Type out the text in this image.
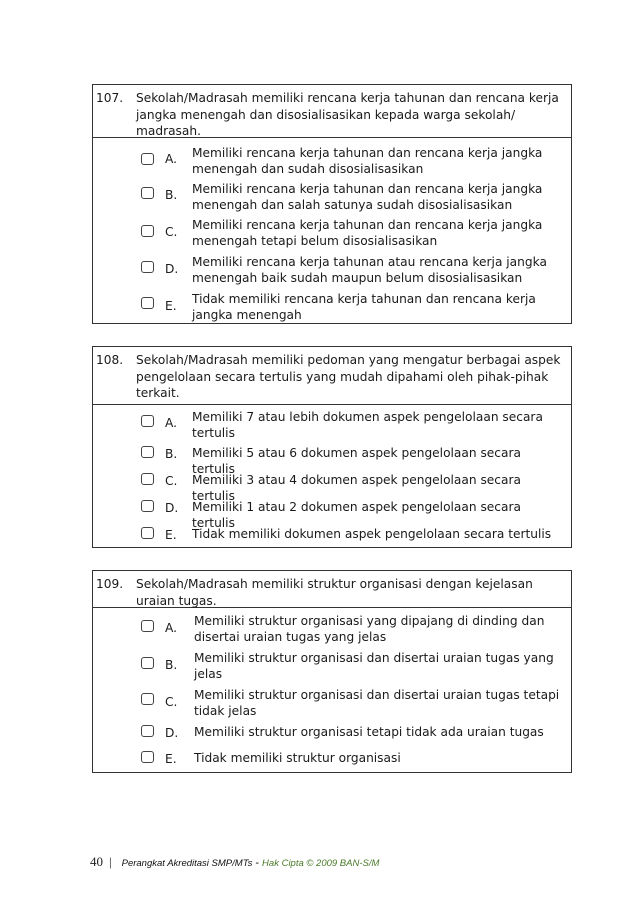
107.	Sekolah/Madrasah memiliki rencana kerja tahunan dan rencana kerja jangka menengah dan disosialisasikan kepada warga sekolah/ madrasah.
A. Memiliki rencana kerja tahunan dan rencana kerja jangka menengah dan sudah disosialisasikan
B. Memiliki rencana kerja tahunan dan rencana kerja jangka menengah dan salah satunya sudah disosialisasikan
C. Memiliki rencana kerja tahunan dan rencana kerja jangka menengah tetapi belum disosialisasikan
D. Memiliki rencana kerja tahunan atau rencana kerja jangka menengah baik sudah maupun belum disosialisasikan
E. Tidak memiliki rencana kerja tahunan dan rencana kerja jangka menengah
108.	Sekolah/Madrasah memiliki pedoman yang mengatur berbagai aspek pengelolaan secara tertulis yang mudah dipahami oleh pihak-pihak terkait.
A. Memiliki 7 atau lebih dokumen aspek pengelolaan secara tertulis
B. Memiliki 5 atau 6 dokumen aspek pengelolaan secara tertulis
C. Memiliki 3 atau 4 dokumen aspek pengelolaan secara tertulis
D. Memiliki 1 atau 2 dokumen aspek pengelolaan secara tertulis
E. Tidak memiliki dokumen aspek pengelolaan secara tertulis
109.	Sekolah/Madrasah memiliki struktur organisasi dengan kejelasan uraian tugas.
A. Memiliki struktur organisasi yang dipajang di dinding dan disertai uraian tugas yang jelas
B. Memiliki struktur organisasi dan disertai uraian tugas yang jelas
C. Memiliki struktur organisasi dan disertai uraian tugas tetapi tidak jelas
D. Memiliki struktur organisasi tetapi tidak ada uraian tugas
E. Tidak memiliki struktur organisasi
40 | Perangkat Akreditasi SMP/MTs - Hak Cipta © 2009 BAN-S/M
